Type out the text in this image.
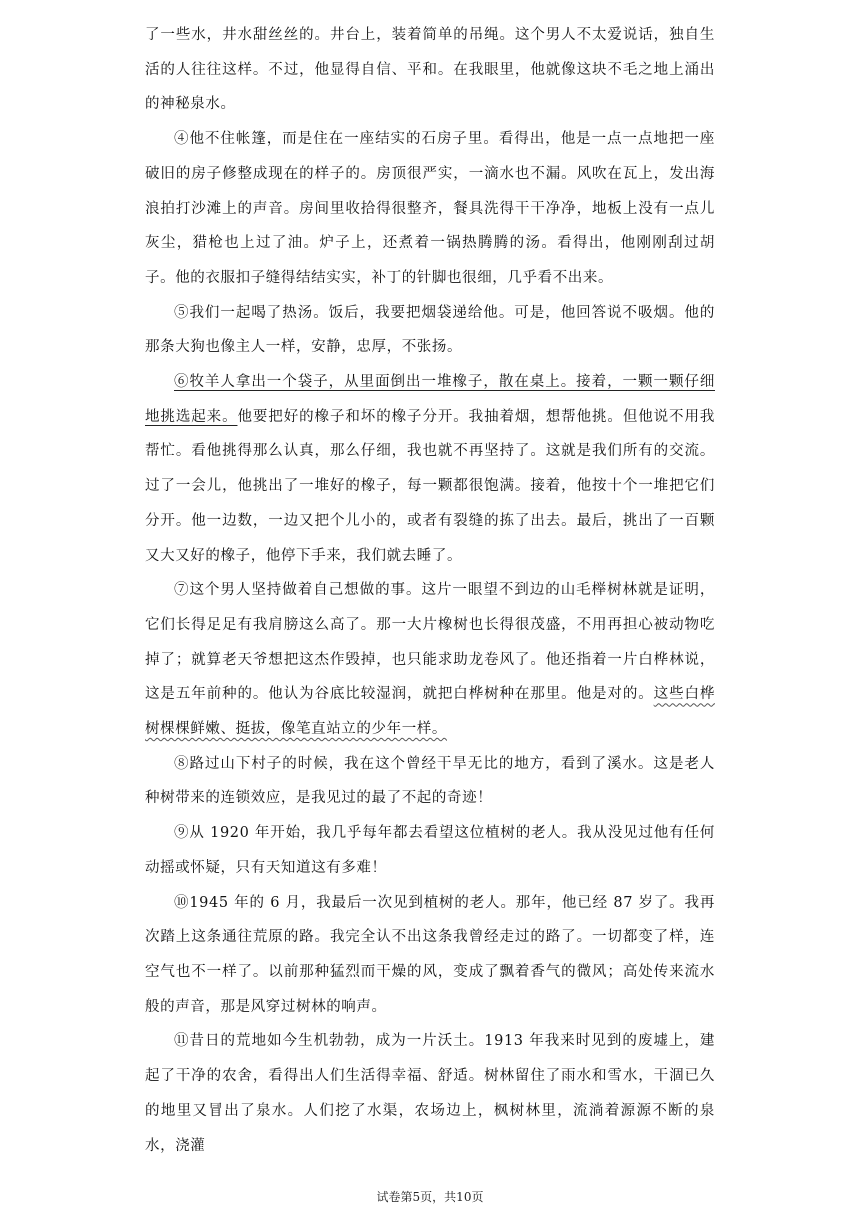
了一些水，井水甜丝丝的。井台上，装着简单的吊绳。这个男人不太爱说话，独自生活的人往往这样。不过，他显得自信、平和。在我眼里，他就像这块不毛之地上涌出的神秘泉水。

④他不住帐篷，而是住在一座结实的石房子里。看得出，他是一点一点地把一座破旧的房子修整成现在的样子的。房顶很严实，一滴水也不漏。风吹在瓦上，发出海浪拍打沙滩上的声音。房间里收拾得很整齐，餐具洗得干干净净，地板上没有一点儿灰尘，猎枪也上过了油。炉子上，还煮着一锅热腾腾的汤。看得出，他刚刚刮过胡子。他的衣服扣子缝得结结实实，补丁的针脚也很细，几乎看不出来。

⑤我们一起喝了热汤。饭后，我要把烟袋递给他。可是，他回答说不吸烟。他的那条大狗也像主人一样，安静，忠厚，不张扬。

⑥牧羊人拿出一个袋子，从里面倒出一堆橡子，散在桌上。接着，一颗一颗仔细地挑选起来。他要把好的橡子和坏的橡子分开。我抽着烟，想帮他挑。但他说不用我帮忙。看他挑得那么认真，那么仔细，我也就不再坚持了。这就是我们所有的交流。过了一会儿，他挑出了一堆好的橡子，每一颗都很饱满。接着，他按十个一堆把它们分开。他一边数，一边又把个儿小的，或者有裂缝的拣了出去。最后，挑出了一百颗又大又好的橡子，他停下手来，我们就去睡了。

⑦这个男人坚持做着自己想做的事。这片一眼望不到边的山毛榉树林就是证明，它们长得足足有我肩膀这么高了。那一大片橡树也长得很茂盛，不用再担心被动物吃掉了；就算老天爷想把这杰作毁掉，也只能求助龙卷风了。他还指着一片白桦林说，这是五年前种的。他认为谷底比较湿润，就把白桦树种在那里。他是对的。这些白桦树棵棵鲜嫩、挺拔，像笔直站立的少年一样。

⑧路过山下村子的时候，我在这个曾经干旱无比的地方，看到了溪水。这是老人种树带来的连锁效应，是我见过的最了不起的奇迹！

⑨从 1920 年开始，我几乎每年都去看望这位植树的老人。我从没见过他有任何动摇或怀疑，只有天知道这有多难！

⑩1945 年的 6 月，我最后一次见到植树的老人。那年，他已经 87 岁了。我再次踏上这条通往荒原的路。我完全认不出这条我曾经走过的路了。一切都变了样，连空气也不一样了。以前那种猛烈而干燥的风，变成了飘着香气的微风；高处传来流水般的声音，那是风穿过树林的响声。

⑪昔日的荒地如今生机勃勃，成为一片沃土。1913 年我来时见到的废墟上，建起了干净的农舍，看得出人们生活得幸福、舒适。树林留住了雨水和雪水，干涸已久的地里又冒出了泉水。人们挖了水渠，农场边上，枫树林里，流淌着源源不断的泉水，浇灌

试卷第5页，共10页
